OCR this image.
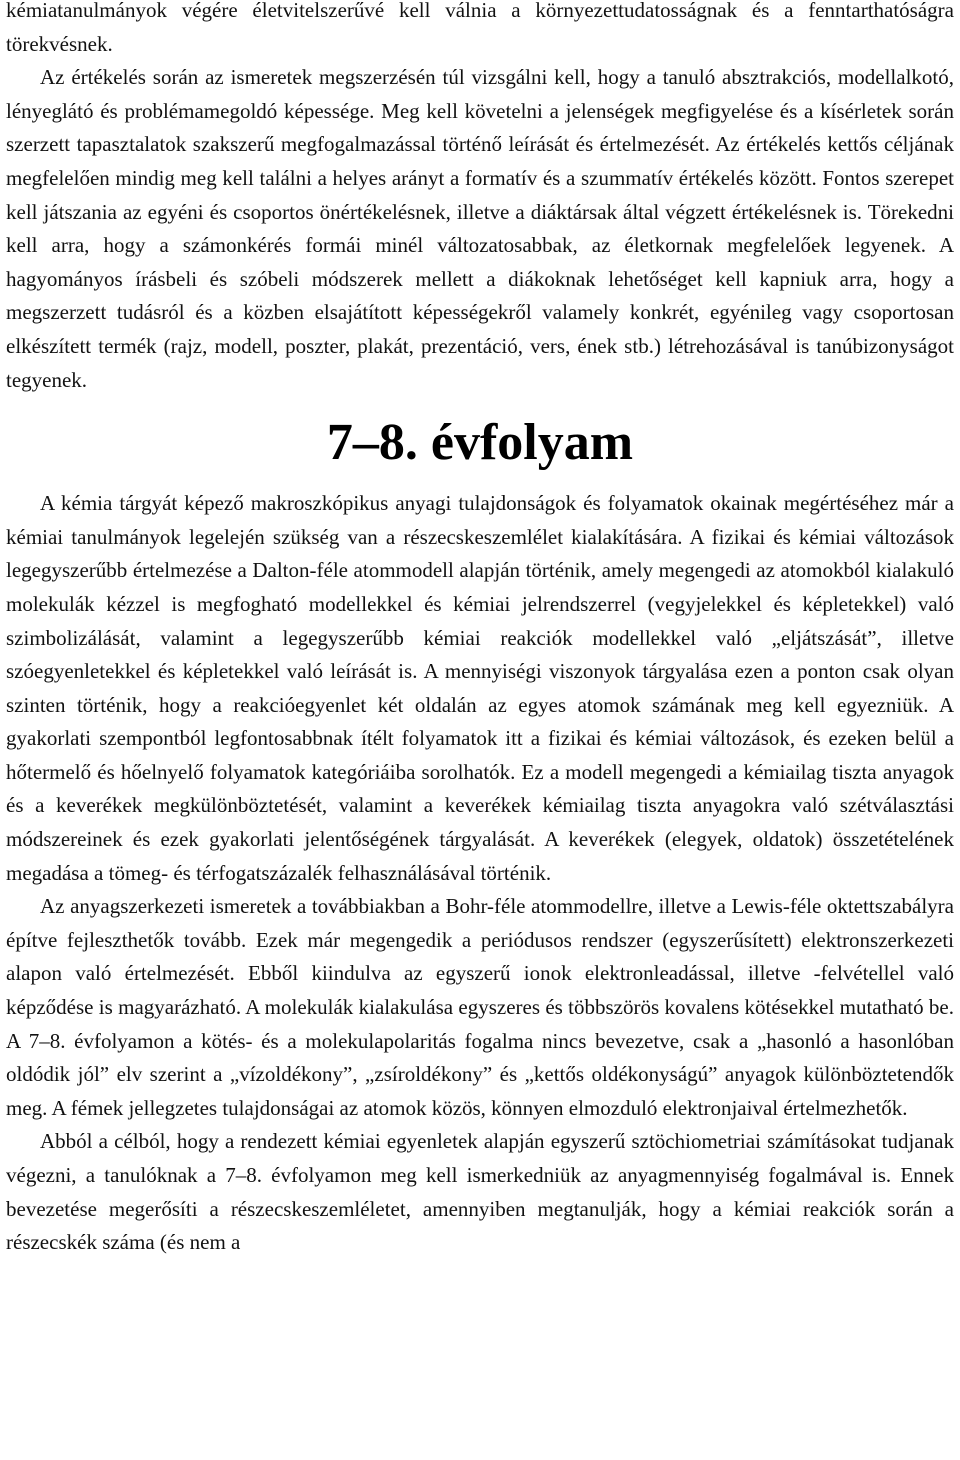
kémiatanulmányok végére életvitelszerűvé kell válnia a környezettudatosságnak és a fenntarthatóságra törekvésnek.

Az értékelés során az ismeretek megszerzésén túl vizsgálni kell, hogy a tanuló absztrakciós, modellalkotó, lényeglátó és problémamegoldó képessége. Meg kell követelni a jelenségek megfigyelése és a kísérletek során szerzett tapasztalatok szakszerű megfogalmazással történő leírását és értelmezését. Az értékelés kettős céljának megfelelően mindig meg kell találni a helyes arányt a formatív és a szummatív értékelés között. Fontos szerepet kell játszania az egyéni és csoportos önértékelésnek, illetve a diáktársak által végzett értékelésnek is. Törekedni kell arra, hogy a számonkérés formái minél változatosabbak, az életkornak megfelelőek legyenek. A hagyományos írásbeli és szóbeli módszerek mellett a diákoknak lehetőséget kell kapniuk arra, hogy a megszerzett tudásról és a közben elsajátított képességekről valamely konkrét, egyénileg vagy csoportosan elkészített termék (rajz, modell, poszter, plakát, prezentáció, vers, ének stb.) létrehozásával is tanúbizonyságot tegyenek.

7–8. évfolyam

A kémia tárgyát képező makroszkópikus anyagi tulajdonságok és folyamatok okainak megértéséhez már a kémiai tanulmányok legelején szükség van a részecskeszemlélet kialakítására. A fizikai és kémiai változások legegyszerűbb értelmezése a Dalton-féle atommodell alapján történik, amely megengedi az atomokból kialakuló molekulák kézzel is megfogható modellekkel és kémiai jelrendszerrel (vegyjelekkel és képletekkel) való szimbolizálását, valamint a legegyszerűbb kémiai reakciók modellekkel való „eljátszását”, illetve szóegyenletekkel és képletekkel való leírását is. A mennyiségi viszonyok tárgyalása ezen a ponton csak olyan szinten történik, hogy a reakcióegyenlet két oldalán az egyes atomok számának meg kell egyezniük. A gyakorlati szempontból legfontosabbnak ítélt folyamatok itt a fizikai és kémiai változások, és ezeken belül a hőtermelő és hőelnyelő folyamatok kategóriáiba sorolhatók. Ez a modell megengedi a kémiailag tiszta anyagok és a keverékek megkülönböztetését, valamint a keverékek kémiailag tiszta anyagokra való szétválasztási módszereinek és ezek gyakorlati jelentőségének tárgyalását. A keverékek (elegyek, oldatok) összetételének megadása a tömeg- és térfogatszázalék felhasználásával történik.

Az anyagszerkezeti ismeretek a továbbiakban a Bohr-féle atommodellre, illetve a Lewis-féle oktettszabályra építve fejleszthetők tovább. Ezek már megengedik a periódusos rendszer (egyszerűsített) elektronszerkezeti alapon való értelmezését. Ebből kiindulva az egyszerű ionok elektronleadással, illetve -felvétellel való képződése is magyarázható. A molekulák kialakulása egyszeres és többszörös kovalens kötésekkel mutatható be. A 7–8. évfolyamon a kötés- és a molekulapolaritás fogalma nincs bevezetve, csak a „hasonló a hasonlóban oldódik jól” elv szerint a „vízoldékony”, „zsíroldékony” és „kettős oldékonyságú” anyagok különböztetendők meg. A fémek jellegzetes tulajdonságai az atomok közös, könnyen elmozduló elektronjaival értelmezhetők.

Abból a célból, hogy a rendezett kémiai egyenletek alapján egyszerű sztöchiometriai számításokat tudjanak végezni, a tanulóknak a 7–8. évfolyamon meg kell ismerkedniük az anyagmennyiség fogalmával is. Ennek bevezetése megerősíti a részecskeszemléletet, amennyiben megtanulják, hogy a kémiai reakciók során a részecskék száma (és nem a
